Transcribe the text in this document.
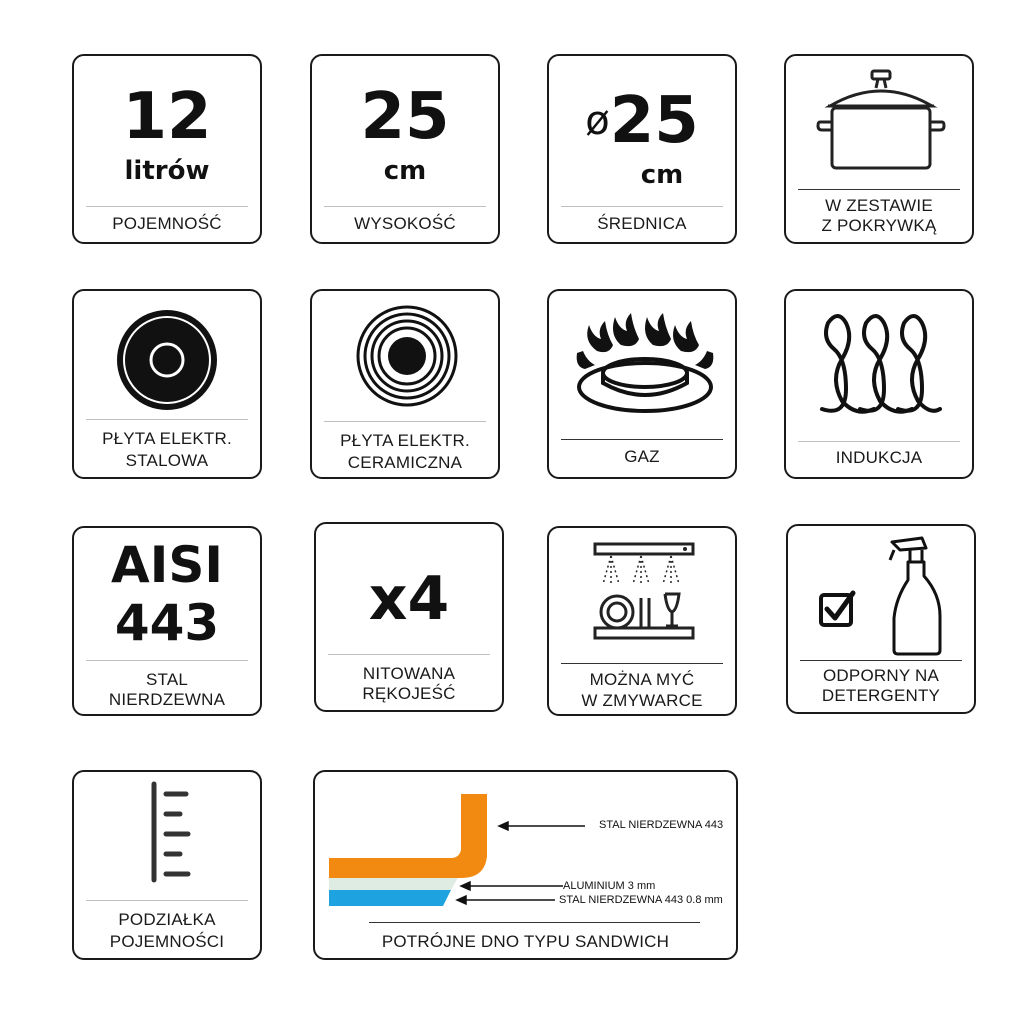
12
litrów
POJEMNOŚĆ
25
cm
WYSOKOŚĆ
ø25
cm
ŚREDNICA
W ZESTAWIE
Z POKRYWKĄ
PŁYTA ELEKTR.
STALOWA
PŁYTA ELEKTR.
CERAMICZNA	GAZ	INDUKCJA
AISI
443
STAL
NIERDZEWNA
x4
NITOWANA
RĘKOJEŚĆ
MOŻNA MYĆ
W ZMYWARCE
ODPORNY NA
DETERGENTY
PODZIAŁKA
POJEMNOŚCI
STAL NIERDZEWNA 443
ALUMINIUM 3 mm
STAL NIERDZEWNA 443 0.8 mm
POTRÓJNE DNO TYPU SANDWICH
